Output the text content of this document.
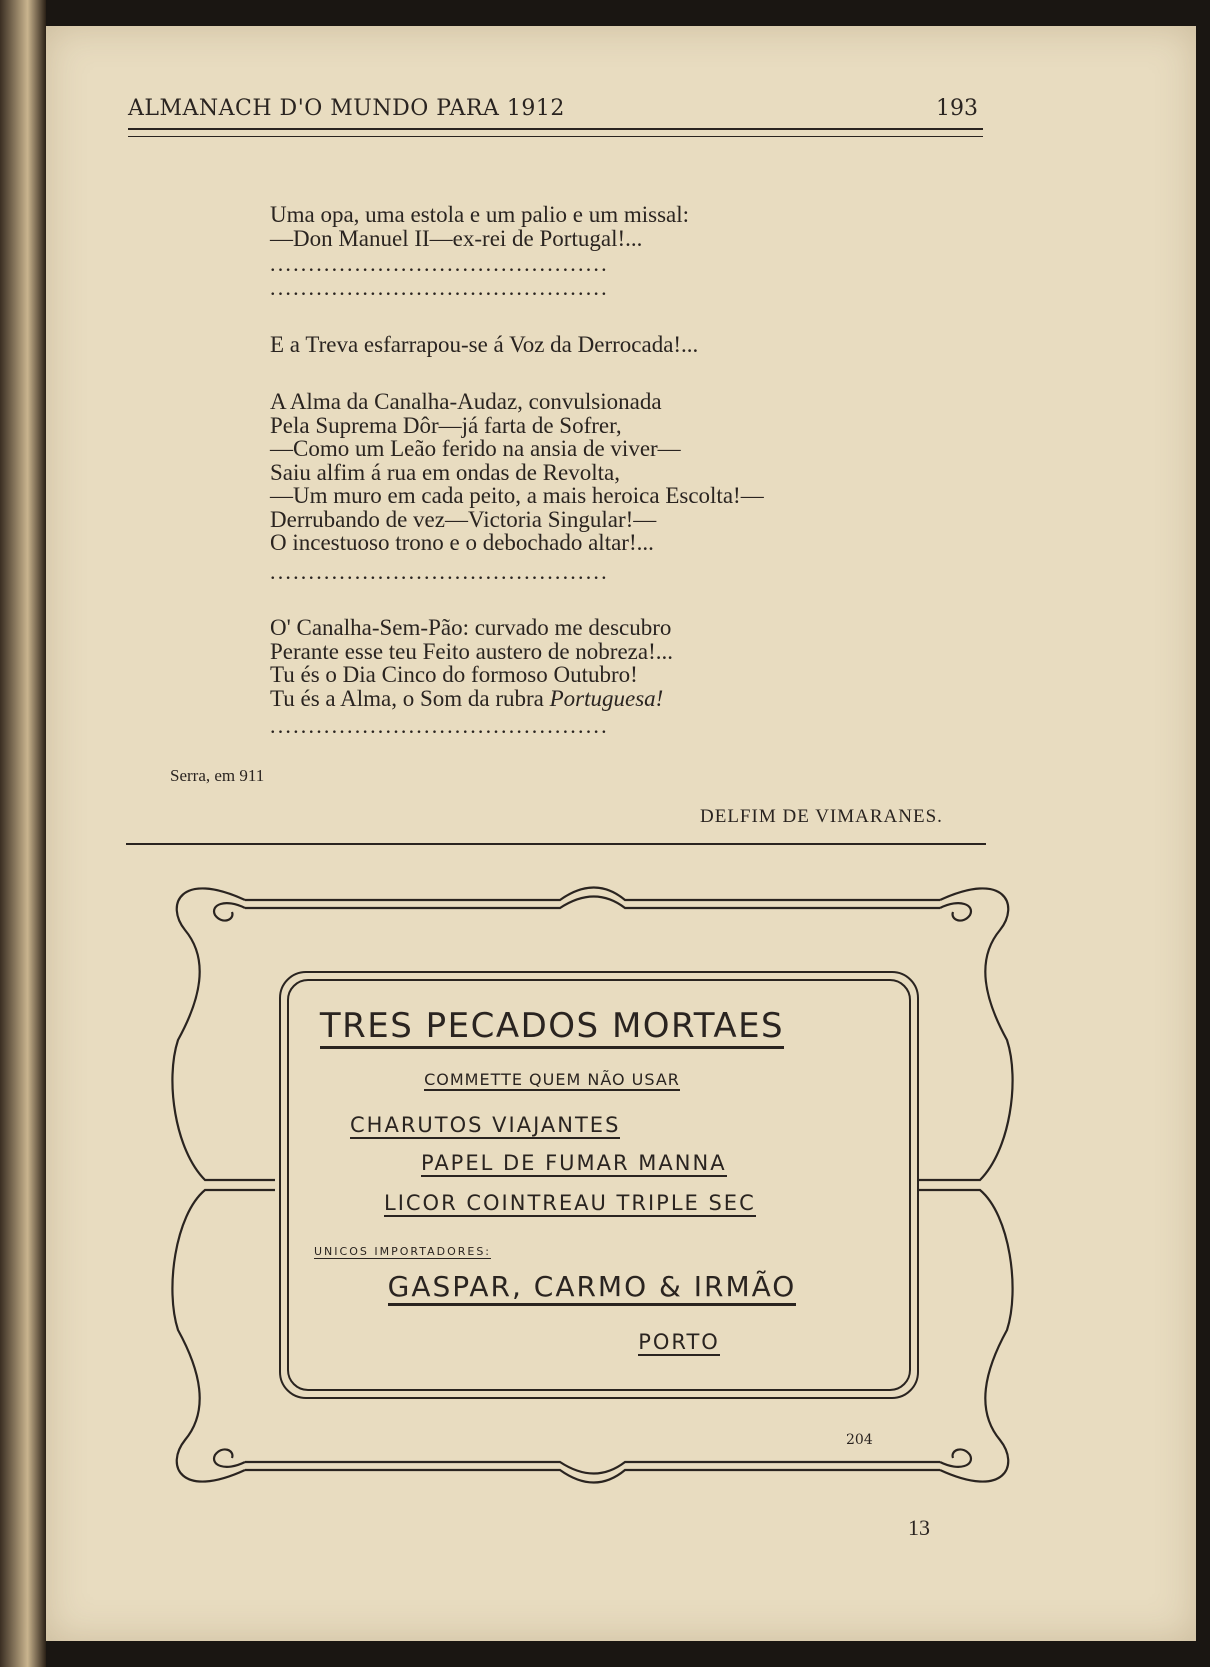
ALMANACH D'O MUNDO PARA 1912	193
Uma opa, uma estola e um palio e um missal:
—Don Manuel II—ex-rei de Portugal!...
............................................
............................................
E a Treva esfarrapou-se á Voz da Derrocada!...
A Alma da Canalha-Audaz, convulsionada
Pela Suprema Dôr—já farta de Sofrer,
—Como um Leão ferido na ansia de viver—
Saiu alfim á rua em ondas de Revolta,
—Um muro em cada peito, a mais heroica Escolta!—
Derrubando de vez—Victoria Singular!—
O incestuoso trono e o debochado altar!...
............................................
O' Canalha-Sem-Pão: curvado me descubro
Perante esse teu Feito austero de nobreza!...
Tu és o Dia Cinco do formoso Outubro!
Tu és a Alma, o Som da rubra Portuguesa!
............................................
Serra, em 911
DELFIM DE VIMARANES.
TRES PECADOS MORTAES
COMMETTE QUEM NÃO USAR
CHARUTOS VIAJANTES
PAPEL DE FUMAR MANNA
LICOR COINTREAU TRIPLE SEC
UNICOS IMPORTADORES:
GASPAR, CARMO & IRMÃO
PORTO
204
13
